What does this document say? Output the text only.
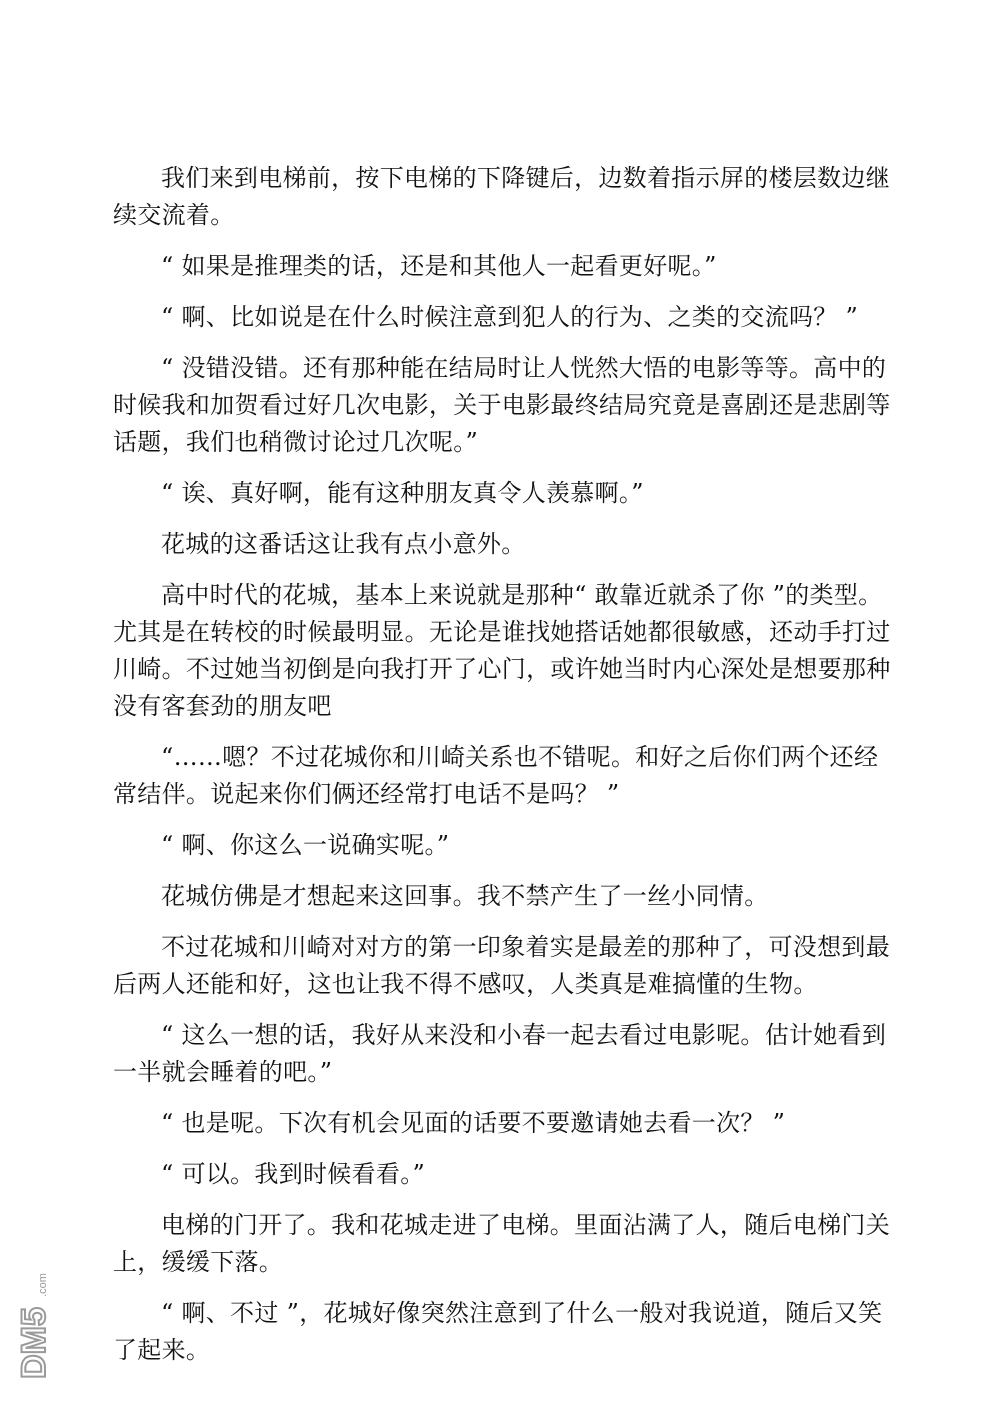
我们来到电梯前，按下电梯的下降键后，边数着指示屏的楼层数边继续交流着。

“ 如果是推理类的话，还是和其他人一起看更好呢。”

“ 啊、比如说是在什么时候注意到犯人的行为、之类的交流吗？ ”

“ 没错没错。还有那种能在结局时让人恍然大悟的电影等等。高中的时候我和加贺看过好几次电影，关于电影最终结局究竟是喜剧还是悲剧等话题，我们也稍微讨论过几次呢。”

“ 诶、真好啊，能有这种朋友真令人羡慕啊。”

花城的这番话这让我有点小意外。

高中时代的花城，基本上来说就是那种“ 敢靠近就杀了你 ”的类型。尤其是在转校的时候最明显。无论是谁找她搭话她都很敏感，还动手打过川崎。不过她当初倒是向我打开了心门，或许她当时内心深处是想要那种没有客套劲的朋友吧

“……嗯？不过花城你和川崎关系也不错呢。和好之后你们两个还经常结伴。说起来你们俩还经常打电话不是吗？ ”

“ 啊、你这么一说确实呢。”

花城仿佛是才想起来这回事。我不禁产生了一丝小同情。

不过花城和川崎对对方的第一印象着实是最差的那种了，可没想到最后两人还能和好，这也让我不得不感叹，人类真是难搞懂的生物。

“ 这么一想的话，我好从来没和小春一起去看过电影呢。估计她看到一半就会睡着的吧。”

“ 也是呢。下次有机会见面的话要不要邀请她去看一次？ ”

“ 可以。我到时候看看。”

电梯的门开了。我和花城走进了电梯。里面沾满了人，随后电梯门关上，缓缓下落。

“ 啊、不过 ”，花城好像突然注意到了什么一般对我说道，随后又笑了起来。

DM5
.com
